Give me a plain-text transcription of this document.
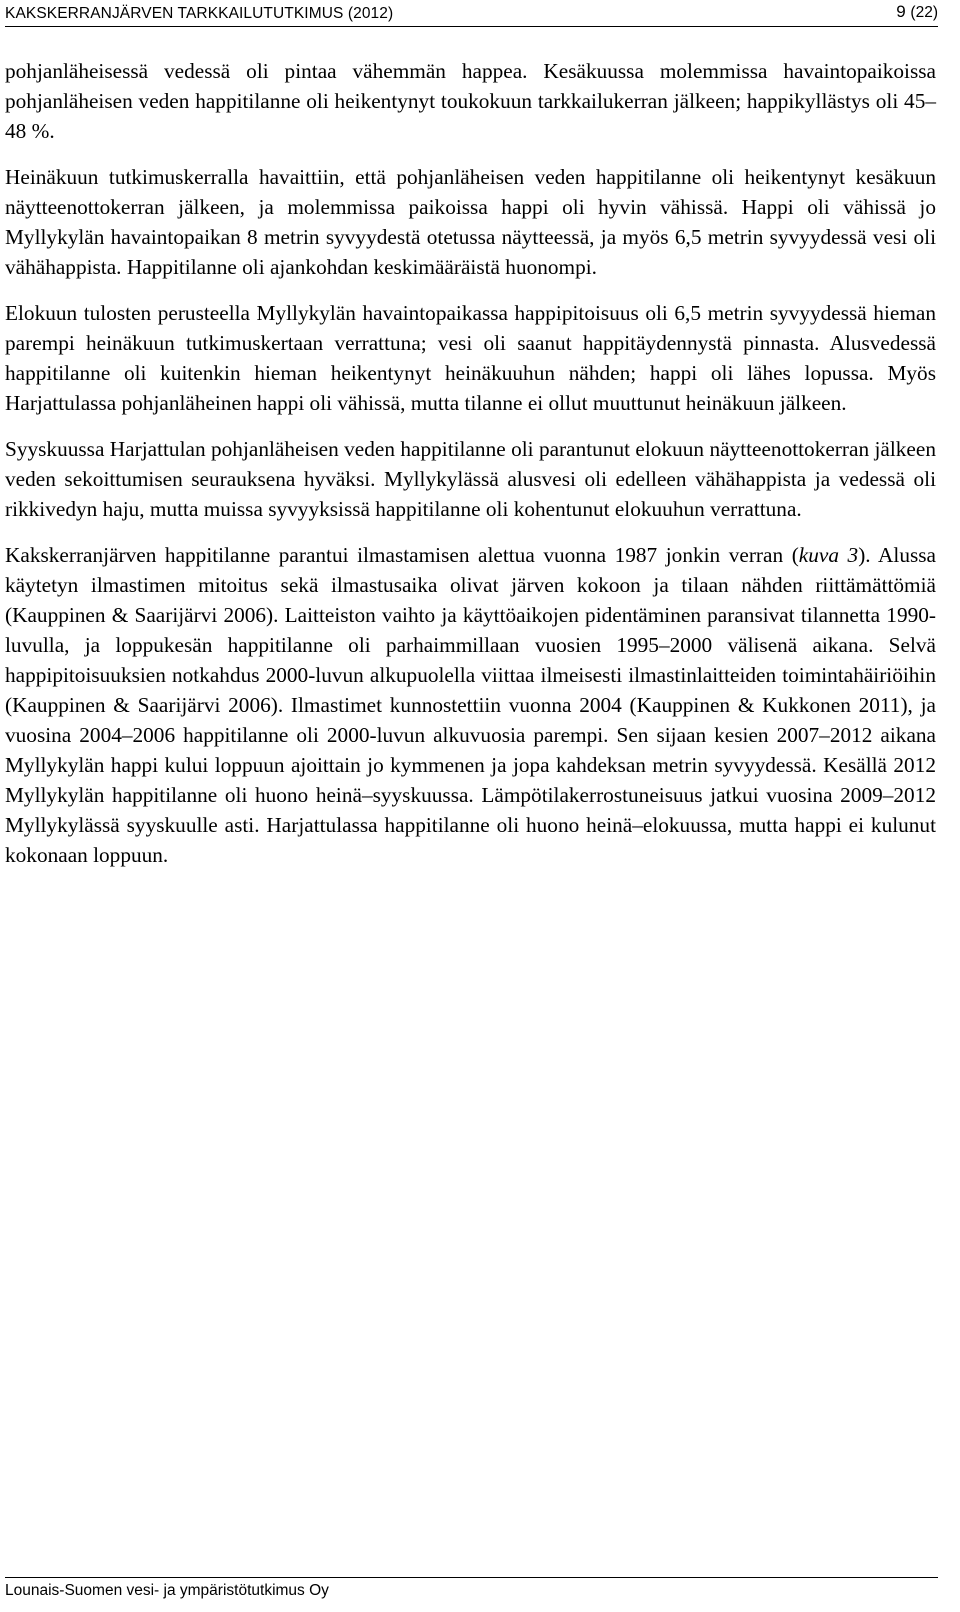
KAKSKERRANJÄRVEN TARKKAILUTUTKIMUS (2012)	9 (22)

pohjanläheisessä vedessä oli pintaa vähemmän happea. Kesäkuussa molemmissa havaintopaikoissa pohjanläheisen veden happitilanne oli heikentynyt toukokuun tarkkailukerran jälkeen; happikyllästys oli 45–48 %.

Heinäkuun tutkimuskerralla havaittiin, että pohjanläheisen veden happitilanne oli heikentynyt kesäkuun näytteenottokerran jälkeen, ja molemmissa paikoissa happi oli hyvin vähissä. Happi oli vähissä jo Myllykylän havaintopaikan 8 metrin syvyydestä otetussa näytteessä, ja myös 6,5 metrin syvyydessä vesi oli vähähappista. Happitilanne oli ajankohdan keskimääräistä huonompi.

Elokuun tulosten perusteella Myllykylän havaintopaikassa happipitoisuus oli 6,5 metrin syvyydessä hieman parempi heinäkuun tutkimuskertaan verrattuna; vesi oli saanut happitäydennystä pinnasta. Alusvedessä happitilanne oli kuitenkin hieman heikentynyt heinäkuuhun nähden; happi oli lähes lopussa. Myös Harjattulassa pohjanläheinen happi oli vähissä, mutta tilanne ei ollut muuttunut heinäkuun jälkeen.

Syyskuussa Harjattulan pohjanläheisen veden happitilanne oli parantunut elokuun näytteenottokerran jälkeen veden sekoittumisen seurauksena hyväksi. Myllykylässä alusvesi oli edelleen vähähappista ja vedessä oli rikkivedyn haju, mutta muissa syvyyksissä happitilanne oli kohentunut elokuuhun verrattuna.

Kakskerranjärven happitilanne parantui ilmastamisen alettua vuonna 1987 jonkin verran (kuva 3). Alussa käytetyn ilmastimen mitoitus sekä ilmastusaika olivat järven kokoon ja tilaan nähden riittämättömiä (Kauppinen & Saarijärvi 2006). Laitteiston vaihto ja käyttöaikojen pidentäminen paransivat tilannetta 1990-luvulla, ja loppukesän happitilanne oli parhaimmillaan vuosien 1995–2000 välisenä aikana. Selvä happipitoisuuksien notkahdus 2000-luvun alkupuolella viittaa ilmeisesti ilmastinlaitteiden toimintahäiriöihin (Kauppinen & Saarijärvi 2006). Ilmastimet kunnostettiin vuonna 2004 (Kauppinen & Kukkonen 2011), ja vuosina 2004–2006 happitilanne oli 2000-luvun alkuvuosia parempi. Sen sijaan kesien 2007–2012 aikana Myllykylän happi kului loppuun ajoittain jo kymmenen ja jopa kahdeksan metrin syvyydessä. Kesällä 2012 Myllykylän happitilanne oli huono heinä–syyskuussa. Lämpötilakerrostuneisuus jatkui vuosina 2009–2012 Myllykylässä syyskuulle asti. Harjattulassa happitilanne oli huono heinä–elokuussa, mutta happi ei kulunut kokonaan loppuun.

Lounais-Suomen vesi- ja ympäristötutkimus Oy
